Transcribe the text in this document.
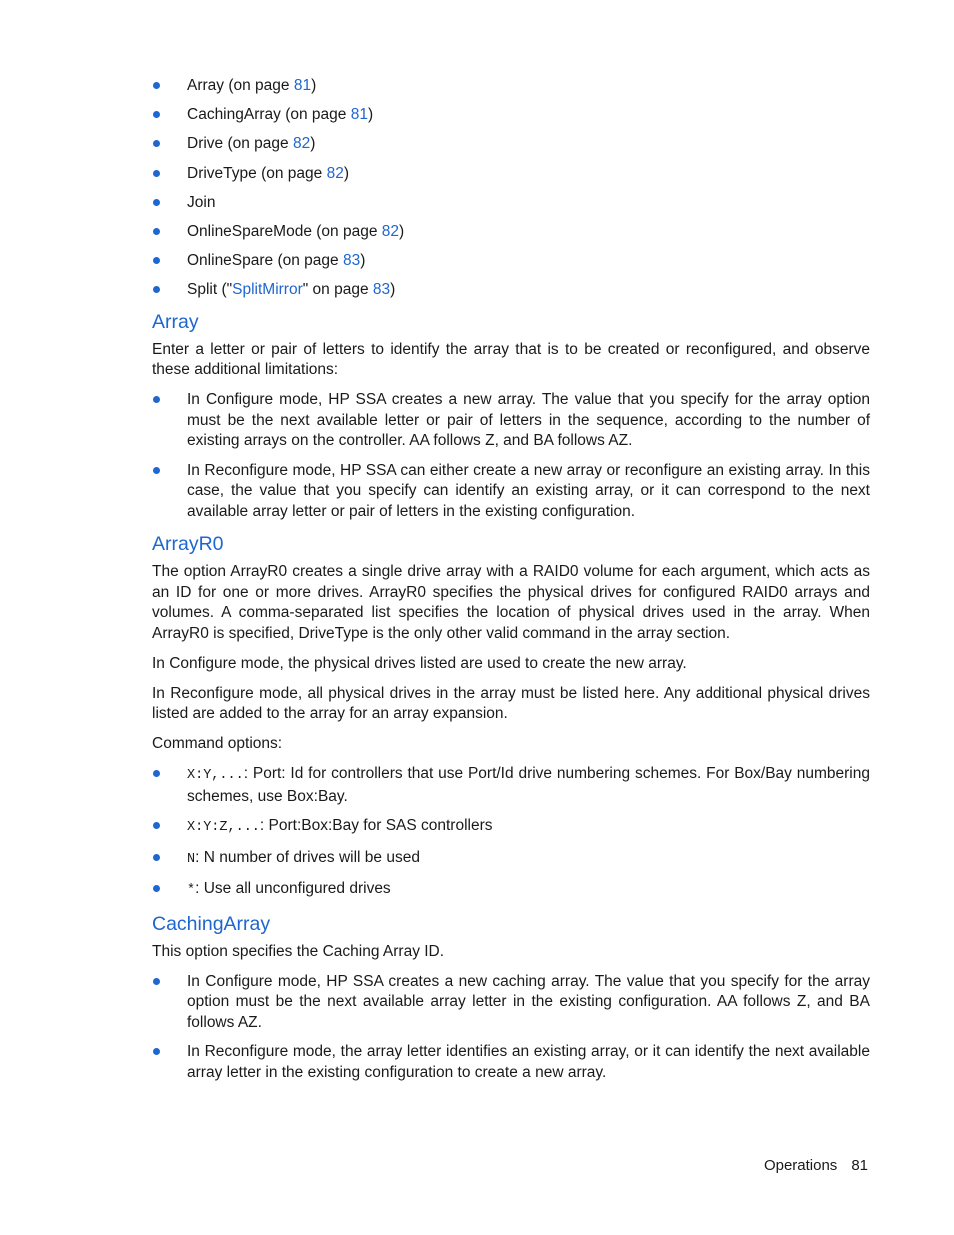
Array (on page 81)
CachingArray (on page 81)
Drive (on page 82)
DriveType (on page 82)
Join
OnlineSpareMode (on page 82)
OnlineSpare (on page 83)
Split ("SplitMirror" on page 83)
Array

Enter a letter or pair of letters to identify the array that is to be created or reconfigured, and observe these additional limitations:

In Configure mode, HP SSA creates a new array. The value that you specify for the array option must be the next available letter or pair of letters in the sequence, according to the number of existing arrays on the controller. AA follows Z, and BA follows AZ.
In Reconfigure mode, HP SSA can either create a new array or reconfigure an existing array. In this case, the value that you specify can identify an existing array, or it can correspond to the next available array letter or pair of letters in the existing configuration.
ArrayR0

The option ArrayR0 creates a single drive array with a RAID0 volume for each argument, which acts as an ID for one or more drives. ArrayR0 specifies the physical drives for configured RAID0 arrays and volumes. A comma-separated list specifies the location of physical drives used in the array. When ArrayR0 is specified, DriveType is the only other valid command in the array section.

In Configure mode, the physical drives listed are used to create the new array.

In Reconfigure mode, all physical drives in the array must be listed here. Any additional physical drives listed are added to the array for an array expansion.

Command options:

X:Y,...: Port: Id for controllers that use Port/Id drive numbering schemes. For Box/Bay numbering schemes, use Box:Bay.
X:Y:Z,...: Port:Box:Bay for SAS controllers
N: N number of drives will be used
*: Use all unconfigured drives
CachingArray

This option specifies the Caching Array ID.

In Configure mode, HP SSA creates a new caching array. The value that you specify for the array option must be the next available array letter in the existing configuration. AA follows Z, and BA follows AZ.
In Reconfigure mode, the array letter identifies an existing array, or it can identify the next available array letter in the existing configuration to create a new array.
Operations 81
